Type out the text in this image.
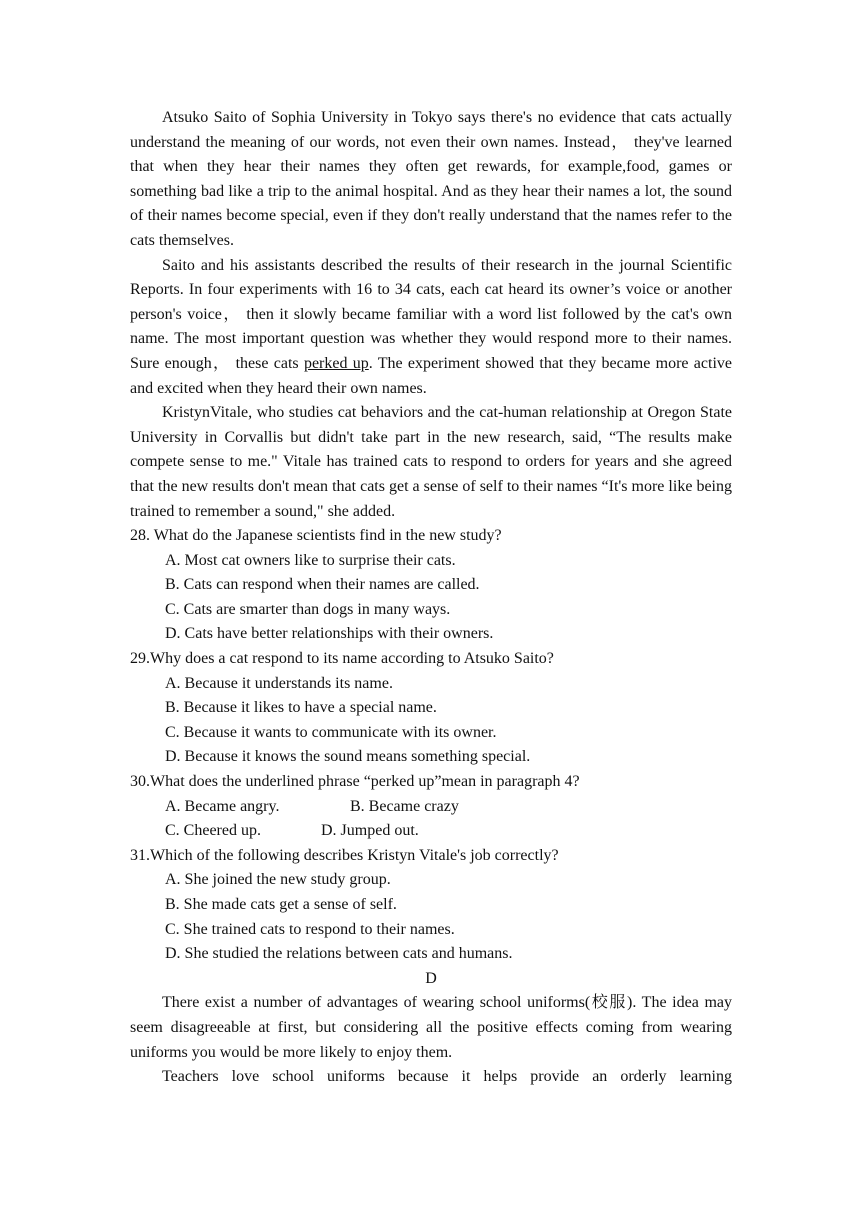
Atsuko Saito of Sophia University in Tokyo says there's no evidence that cats actually understand the meaning of our words, not even their own names. Instead， they've learned that when they hear their names they often get rewards, for example,food, games or something bad like a trip to the animal hospital. And as they hear their names a lot, the sound of their names become special, even if they don't really understand that the names refer to the cats themselves.

Saito and his assistants described the results of their research in the journal Scientific Reports. In four experiments with 16 to 34 cats, each cat heard its owner’s voice or another person's voice， then it slowly became familiar with a word list followed by the cat's own name. The most important question was whether they would respond more to their names. Sure enough， these cats perked up. The experiment showed that they became more active and excited when they heard their own names.

KristynVitale, who studies cat behaviors and the cat-human relationship at Oregon State University in Corvallis but didn't take part in the new research, said, “The results make compete sense to me." Vitale has trained cats to respond to orders for years and she agreed that the new results don't mean that cats get a sense of self to their names “It's more like being trained to remember a sound," she added.

28. What do the Japanese scientists find in the new study?

A. Most cat owners like to surprise their cats.

B. Cats can respond when their names are called.

C. Cats are smarter than dogs in many ways.

D. Cats have better relationships with their owners.

29.Why does a cat respond to its name according to Atsuko Saito?

A. Because it understands its name.

B. Because it likes to have a special name.

C. Because it wants to communicate with its owner.

D. Because it knows the sound means something special.

30.What does the underlined phrase “perked up”mean in paragraph 4?

A. Became angry.	B. Became crazy

C. Cheered up.	D. Jumped out.

31.Which of the following describes Kristyn Vitale's job correctly?

A. She joined the new study group.

B. She made cats get a sense of self.

C. She trained cats to respond to their names.

D. She studied the relations between cats and humans.

D

There exist a number of advantages of wearing school uniforms(校服). The idea may seem disagreeable at first, but considering all the positive effects coming from wearing uniforms you would be more likely to enjoy them.

Teachers love school uniforms because it helps provide an orderly learning
